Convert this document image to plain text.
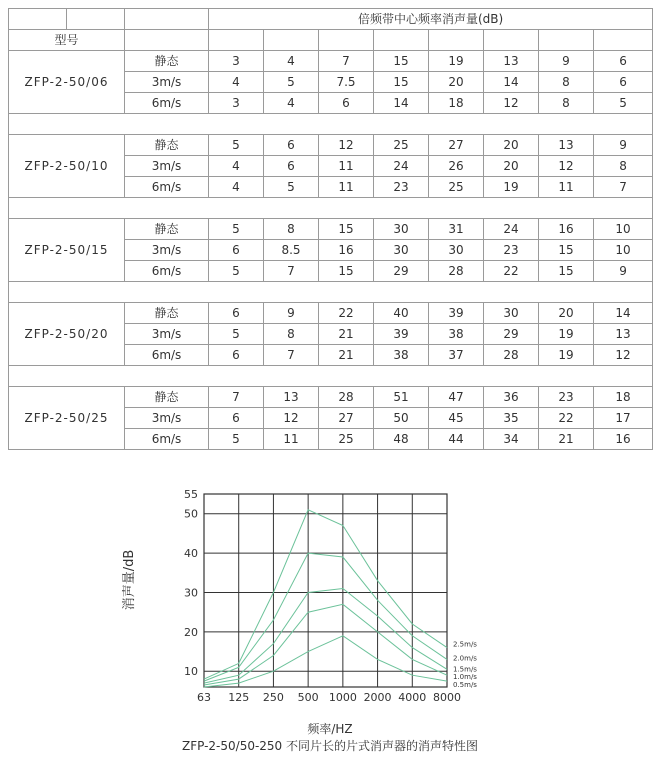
			倍频带中心频率消声量(dB)							
型号										
ZFP-2-50/06		静态	3	4	7	15	19	13	9	6
		3m/s	4	5	7.5	15	20	14	8	6
		6m/s	3	4	6	14	18	12	8	5

ZFP-2-50/10		静态	5	6	12	25	27	20	13	9
		3m/s	4	6	11	24	26	20	12	8
		6m/s	4	5	11	23	25	19	11	7

ZFP-2-50/15		静态	5	8	15	30	31	24	16	10
		3m/s	6	8.5	16	30	30	23	15	10
		6m/s	5	7	15	29	28	22	15	9

ZFP-2-50/20		静态	6	9	22	40	39	30	20	14
		3m/s	5	8	21	39	38	29	19	13
		6m/s	6	7	21	38	37	28	19	12

ZFP-2-50/25		静态	7	13	28	51	47	36	23	18
		3m/s	6	12	27	50	45	35	22	17
		6m/s	5	11	25	48	44	34	21	16
63 125 250 500 1000 2000 4000 8000
10
20
30
40
50
55
2.5m/s
2.0m/s
1.5m/s
1.0m/s
0.5m/s
消声量/dB
频率/HZ
ZFP-2-50/50-250 不同片长的片式消声器的消声特性图
